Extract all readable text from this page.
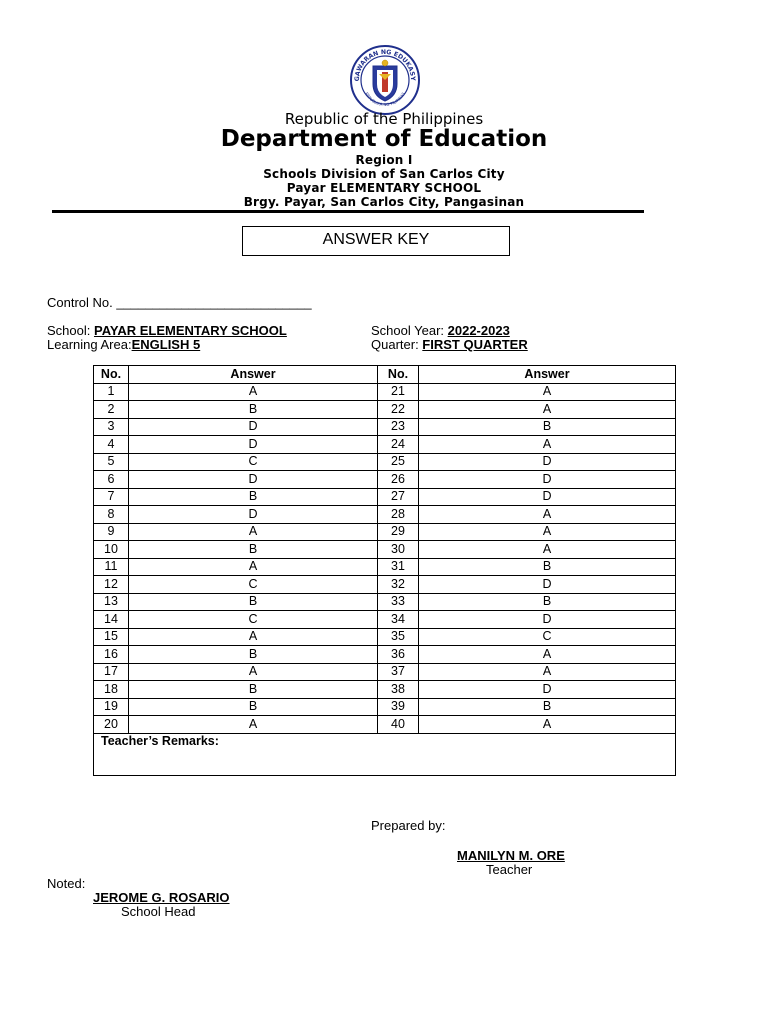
GAWARAN NG EDUKASY
REPUBLIKA NG PILIPINAS
Republic of the Philippines
Department of Education
Region I
Schools Division of San Carlos City
Payar ELEMENTARY SCHOOL
Brgy. Payar, San Carlos City, Pangasinan
ANSWER KEY
Control No. ___________________________
School: PAYAR ELEMENTARY SCHOOL
Learning Area:ENGLISH 5
School Year: 2022-2023
Quarter: FIRST QUARTER
No.	Answer	No.	Answer
1	A	21	A
2	B	22	A
3	D	23	B
4	D	24	A
5	C	25	D
6	D	26	D
7	B	27	D
8	D	28	A
9	A	29	A
10	B	30	A
11	A	31	B
12	C	32	D
13	B	33	B
14	C	34	D
15	A	35	C
16	B	36	A
17	A	37	A
18	B	38	D
19	B	39	B
20	A	40	A
Teacher’s Remarks:			
Prepared by:
MANILYN M. ORE
Teacher
Noted:
JEROME G. ROSARIO
School Head
